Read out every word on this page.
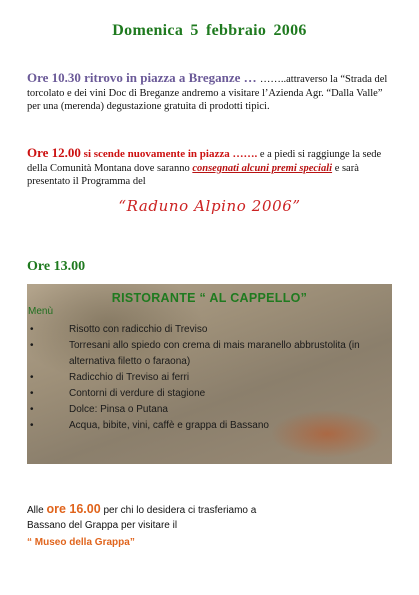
Domenica 5 febbraio 2006
Ore 10.30 ritrovo in piazza a Breganze … ……..attraverso la “Strada del torcolato e dei vini Doc di Breganze andremo a visitare l’Azienda Agr. “Dalla Valle” per una (merenda) degustazione gratuita di prodotti tipici.
Ore 12.00 si scende nuovamente in piazza ……. e a piedi si raggiunge la sede della Comunità Montana dove saranno consegnati alcuni premi speciali e sarà presentato il Programma del
“Raduno Alpino 2006”
Ore 13.00
RISTORANTE “ AL CAPPELLO”
Menù
•	Risotto con radicchio di Treviso
•	Torresani allo spiedo con crema di mais maranello abbrustolita (in alternativa filetto o faraona)
•	Radicchio di Treviso ai ferri
•	Contorni di verdure di stagione
•	Dolce: Pinsa o Putana
•	Acqua, bibite, vini, caffè e grappa di Bassano
Alle ore 16.00 per chi lo desidera ci trasferiamo a
Bassano del Grappa per visitare il
“ Museo della Grappa”
